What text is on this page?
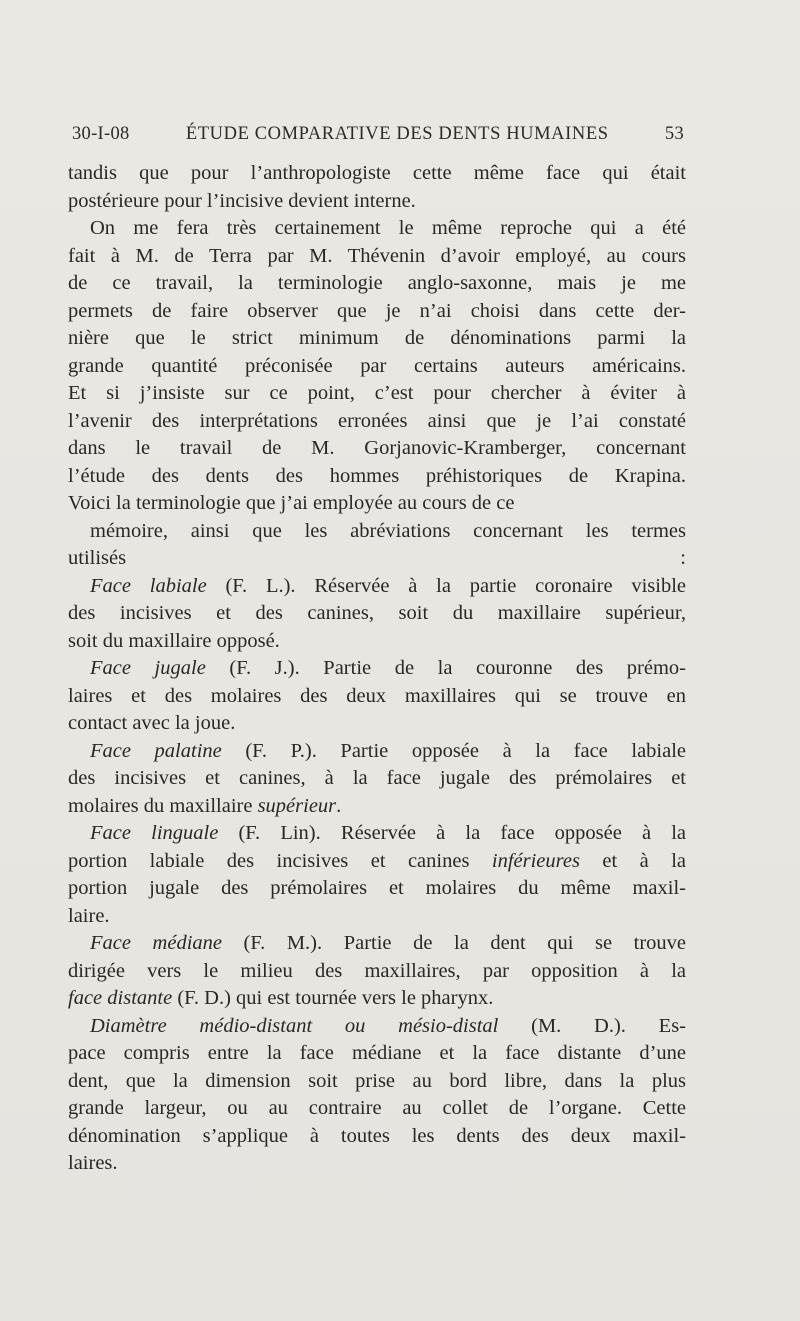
30-I-08	ÉTUDE COMPARATIVE DES DENTS HUMAINES	53

tandis que pour l’anthropologiste cette même face qui était
postérieure pour l’incisive devient interne.

On me fera très certainement le même reproche qui a été
fait à M. de Terra par M. Thévenin d’avoir employé, au cours
de ce travail, la terminologie anglo-saxonne, mais je me
permets de faire observer que je n’ai choisi dans cette der-
nière que le strict minimum de dénominations parmi la
grande quantité préconisée par certains auteurs américains.
Et si j’insiste sur ce point, c’est pour chercher à éviter à
l’avenir des interprétations erronées ainsi que je l’ai constaté
dans le travail de M. Gorjanovic-Kramberger, concernant
l’étude des dents des hommes préhistoriques de Krapina.
Voici la terminologie que j’ai employée au cours de ce

mémoire, ainsi que les abréviations concernant les termes
utilisés :

Face labiale (F. L.). Réservée à la partie coronaire visible
des incisives et des canines, soit du maxillaire supérieur,
soit du maxillaire opposé.

Face jugale (F. J.). Partie de la couronne des prémo-
laires et des molaires des deux maxillaires qui se trouve en
contact avec la joue.

Face palatine (F. P.). Partie opposée à la face labiale
des incisives et canines, à la face jugale des prémolaires et
molaires du maxillaire supérieur.

Face linguale (F. Lin). Réservée à la face opposée à la
portion labiale des incisives et canines inférieures et à la
portion jugale des prémolaires et molaires du même maxil-
laire.

Face médiane (F. M.). Partie de la dent qui se trouve
dirigée vers le milieu des maxillaires, par opposition à la
face distante (F. D.) qui est tournée vers le pharynx.

Diamètre médio-distant ou mésio-distal (M. D.). Es-
pace compris entre la face médiane et la face distante d’une
dent, que la dimension soit prise au bord libre, dans la plus
grande largeur, ou au contraire au collet de l’organe. Cette
dénomination s’applique à toutes les dents des deux maxil-
laires.
